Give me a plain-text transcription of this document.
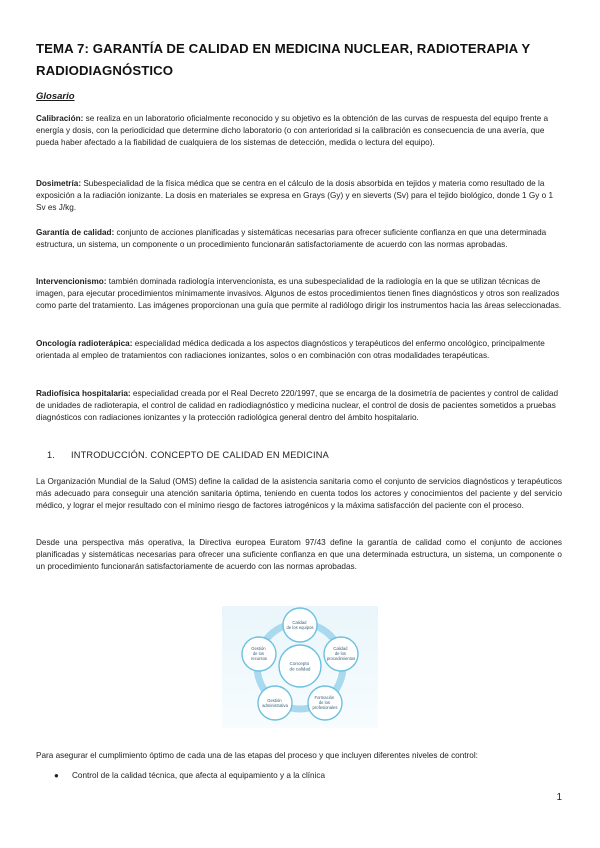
TEMA 7: GARANTÍA DE CALIDAD EN MEDICINA NUCLEAR, RADIOTERAPIA Y
RADIODIAGNÓSTICO
Glosario
Calibración: se realiza en un laboratorio oficialmente reconocido y su objetivo es la obtención de las curvas de respuesta del equipo frente a energía y dosis, con la periodicidad que determine dicho laboratorio (o con anterioridad si la calibración es consecuencia de una avería, que pueda haber afectado a la fiabilidad de cualquiera de los sistemas de detección, medida o lectura del equipo).
Dosimetría: Subespecialidad de la física médica que se centra en el cálculo de la dosis absorbida en tejidos y materia como resultado de la exposición a la radiación ionizante. La dosis en materiales se expresa en Grays (Gy) y en sieverts (Sv) para el tejido biológico, donde 1 Gy o 1 Sv es J/kg.
Garantía de calidad: conjunto de acciones planificadas y sistemáticas necesarias para ofrecer suficiente confianza en que una determinada estructura, un sistema, un componente o un procedimiento funcionarán satisfactoriamente de acuerdo con las normas aprobadas.
Intervencionismo: también dominada radiología intervencionista, es una subespecialidad de la radiología en la que se utilizan técnicas de imagen, para ejecutar procedimientos mínimamente invasivos. Algunos de estos procedimientos tienen fines diagnósticos y otros son realizados como parte del tratamiento. Las imágenes proporcionan una guía que permite al radiólogo dirigir los instrumentos hacia las áreas seleccionadas.
Oncología radioterápica: especialidad médica dedicada a los aspectos diagnósticos y terapéuticos del enfermo oncológico, principalmente orientada al empleo de tratamientos con radiaciones ionizantes, solos o en combinación con otras modalidades terapéuticas.
Radiofísica hospitalaria: especialidad creada por el Real Decreto 220/1997, que se encarga de la dosimetría de pacientes y control de calidad de unidades de radioterapia, el control de calidad en radiodiagnóstico y medicina nuclear, el control de dosis de pacientes sometidos a pruebas diagnósticos con radiaciones ionizantes y la protección radiológica general dentro del ámbito hospitalario.
1. INTRODUCCIÓN. CONCEPTO DE CALIDAD EN MEDICINA
La Organización Mundial de la Salud (OMS) define la calidad de la asistencia sanitaria como el conjunto de servicios diagnósticos y terapéuticos más adecuado para conseguir una atención sanitaria óptima, teniendo en cuenta todos los actores y conocimientos del paciente y del servicio médico, y lograr el mejor resultado con el mínimo riesgo de factores iatrogénicos y la máxima satisfacción del paciente con el proceso.
Desde una perspectiva más operativa, la Directiva europea Euratom 97/43 define la garantía de calidad como el conjunto de acciones planificadas y sistemáticas necesarias para ofrecer una suficiente confianza en que una determinada estructura, un sistema, un componente o un procedimiento funcionarán satisfactoriamente de acuerdo con las normas aprobadas.
Concepto de calidad
Calidad de los equipos
Calidad de los procedimientos
Formación de los profesionales
Gestión administrativa
Gestión de los recursos
Para asegurar el cumplimiento óptimo de cada una de las etapas del proceso y que incluyen diferentes niveles de control:
● Control de la calidad técnica, que afecta al equipamiento y a la clínica
1
